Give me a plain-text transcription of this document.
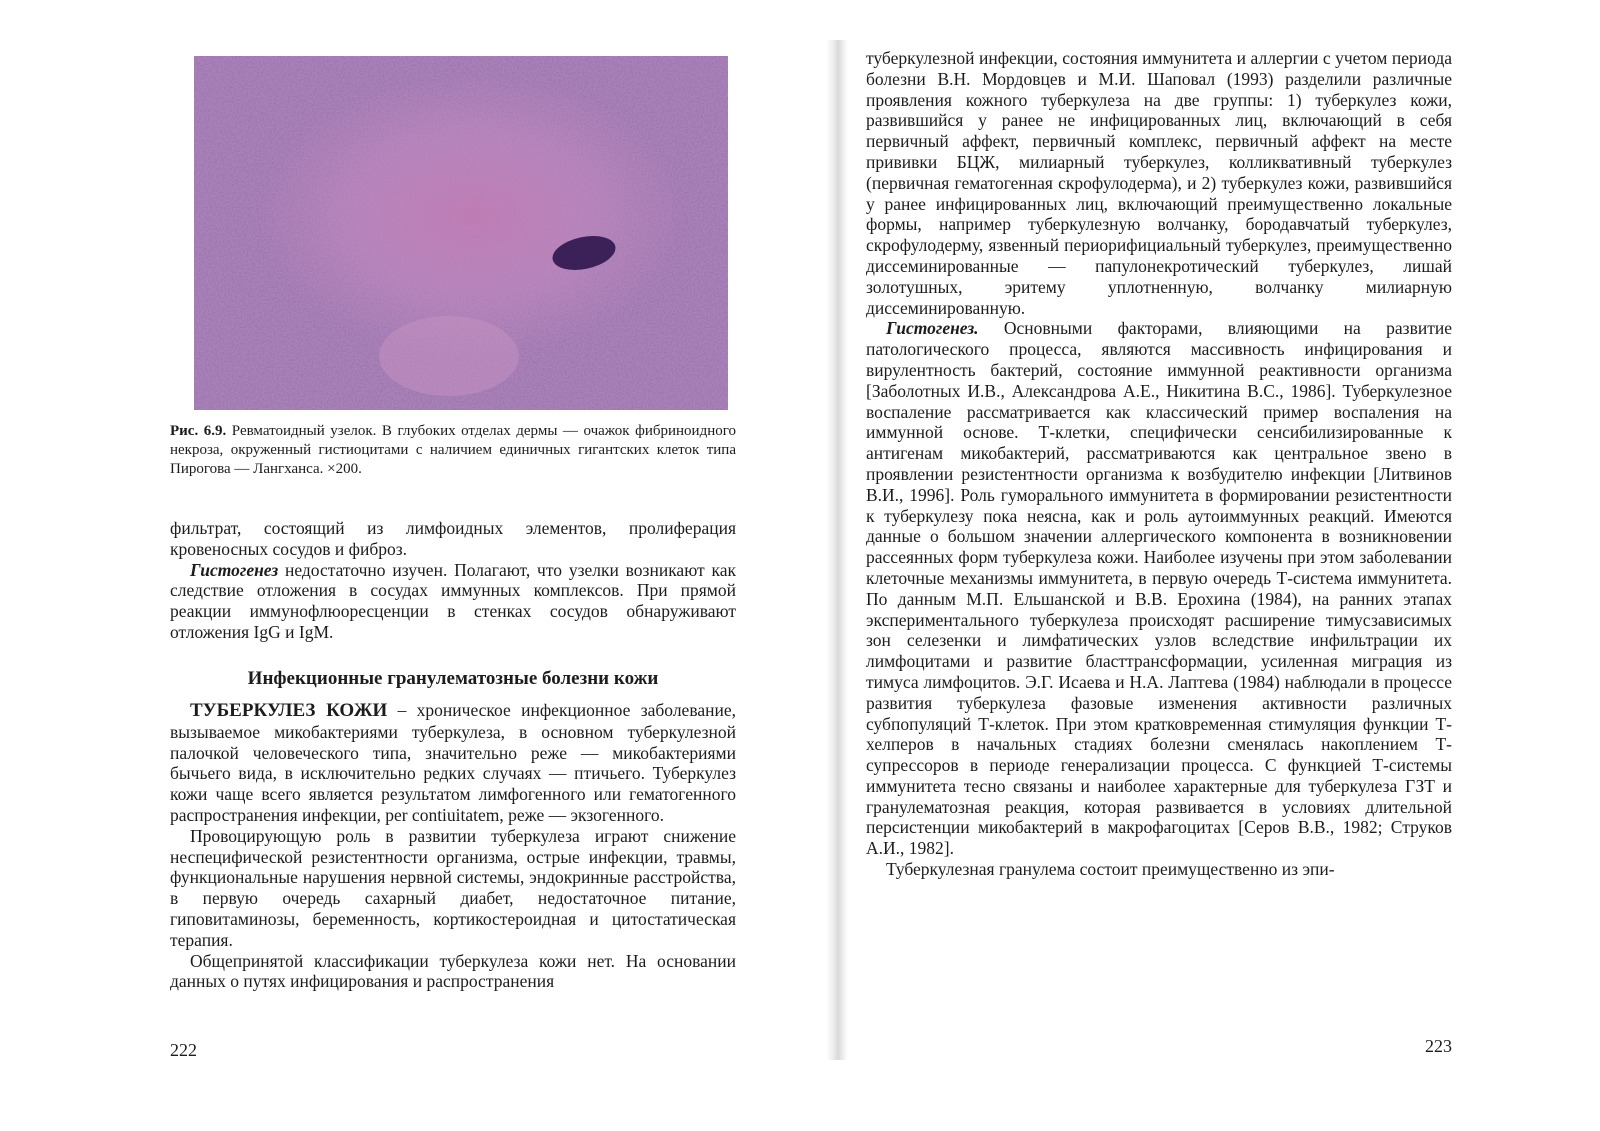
Рис. 6.9. Ревматоидный узелок. В глубоких отделах дермы — очажок фибриноидного некроза, окруженный гистиоцитами с наличием единичных гигантских клеток типа Пирогова — Лангханса. ×200.

фильтрат, состоящий из лимфоидных элементов, пролиферация кровеносных сосудов и фиброз.

Гистогенез недостаточно изучен. Полагают, что узелки возникают как следствие отложения в сосудах иммунных комплексов. При прямой реакции иммунофлюоресценции в стенках сосудов обнаруживают отложения IgG и IgM.

Инфекционные гранулематозные болезни кожи

ТУБЕРКУЛЕЗ КОЖИ – хроническое инфекционное заболевание, вызываемое микобактериями туберкулеза, в основном туберкулезной палочкой человеческого типа, значительно реже — микобактериями бычьего вида, в исключительно редких случаях — птичьего. Туберкулез кожи чаще всего является результатом лимфогенного или гематогенного распространения инфекции, per contiuitatem, реже — экзогенного.

Провоцирующую роль в развитии туберкулеза играют снижение неспецифической резистентности организма, острые инфекции, травмы, функциональные нарушения нервной системы, эндокринные расстройства, в первую очередь сахарный диабет, недостаточное питание, гиповитаминозы, беременность, кортикостероидная и цитостатическая терапия.

Общепринятой классификации туберкулеза кожи нет. На основании данных о путях инфицирования и распространения

222

туберкулезной инфекции, состояния иммунитета и аллергии с учетом периода болезни В.Н. Мордовцев и М.И. Шаповал (1993) разделили различные проявления кожного туберкулеза на две группы: 1) туберкулез кожи, развившийся у ранее не инфицированных лиц, включающий в себя первичный аффект, первичный комплекс, первичный аффект на месте прививки БЦЖ, милиарный туберкулез, колликвативный туберкулез (первичная гематогенная скрофулодерма), и 2) туберкулез кожи, развившийся у ранее инфицированных лиц, включающий преимущественно локальные формы, например туберкулезную волчанку, бородавчатый туберкулез, скрофулодерму, язвенный периорифициальный туберкулез, преимущественно диссеминированные — папулонекротический туберкулез, лишай золотушных, эритему уплотненную, волчанку милиарную диссеминированную.

Гистогенез. Основными факторами, влияющими на развитие патологического процесса, являются массивность инфицирования и вирулентность бактерий, состояние иммунной реактивности организма [Заболотных И.В., Александрова А.Е., Никитина В.С., 1986]. Туберкулезное воспаление рассматривается как классический пример воспаления на иммунной основе. Т-клетки, специфически сенсибилизированные к антигенам микобактерий, рассматриваются как центральное звено в проявлении резистентности организма к возбудителю инфекции [Литвинов В.И., 1996]. Роль гуморального иммунитета в формировании резистентности к туберкулезу пока неясна, как и роль аутоиммунных реакций. Имеются данные о большом значении аллергического компонента в возникновении рассеянных форм туберкулеза кожи. Наиболее изучены при этом заболевании клеточные механизмы иммунитета, в первую очередь Т-система иммунитета. По данным М.П. Ельшанской и В.В. Ерохина (1984), на ранних этапах экспериментального туберкулеза происходят расширение тимусзависимых зон селезенки и лимфатических узлов вследствие инфильтрации их лимфоцитами и развитие бласттрансформации, усиленная миграция из тимуса лимфоцитов. Э.Г. Исаева и Н.А. Лаптева (1984) наблюдали в процессе развития туберкулеза фазовые изменения активности различных субпопуляций Т-клеток. При этом кратковременная стимуляция функции Т-хелперов в начальных стадиях болезни сменялась накоплением Т-супрессоров в периоде генерализации процесса. С функцией Т-системы иммунитета тесно связаны и наиболее характерные для туберкулеза ГЗТ и гранулематозная реакция, которая развивается в условиях длительной персистенции микобактерий в макрофагоцитах [Серов В.В., 1982; Струков А.И., 1982].

Туберкулезная гранулема состоит преимущественно из эпи-

223
